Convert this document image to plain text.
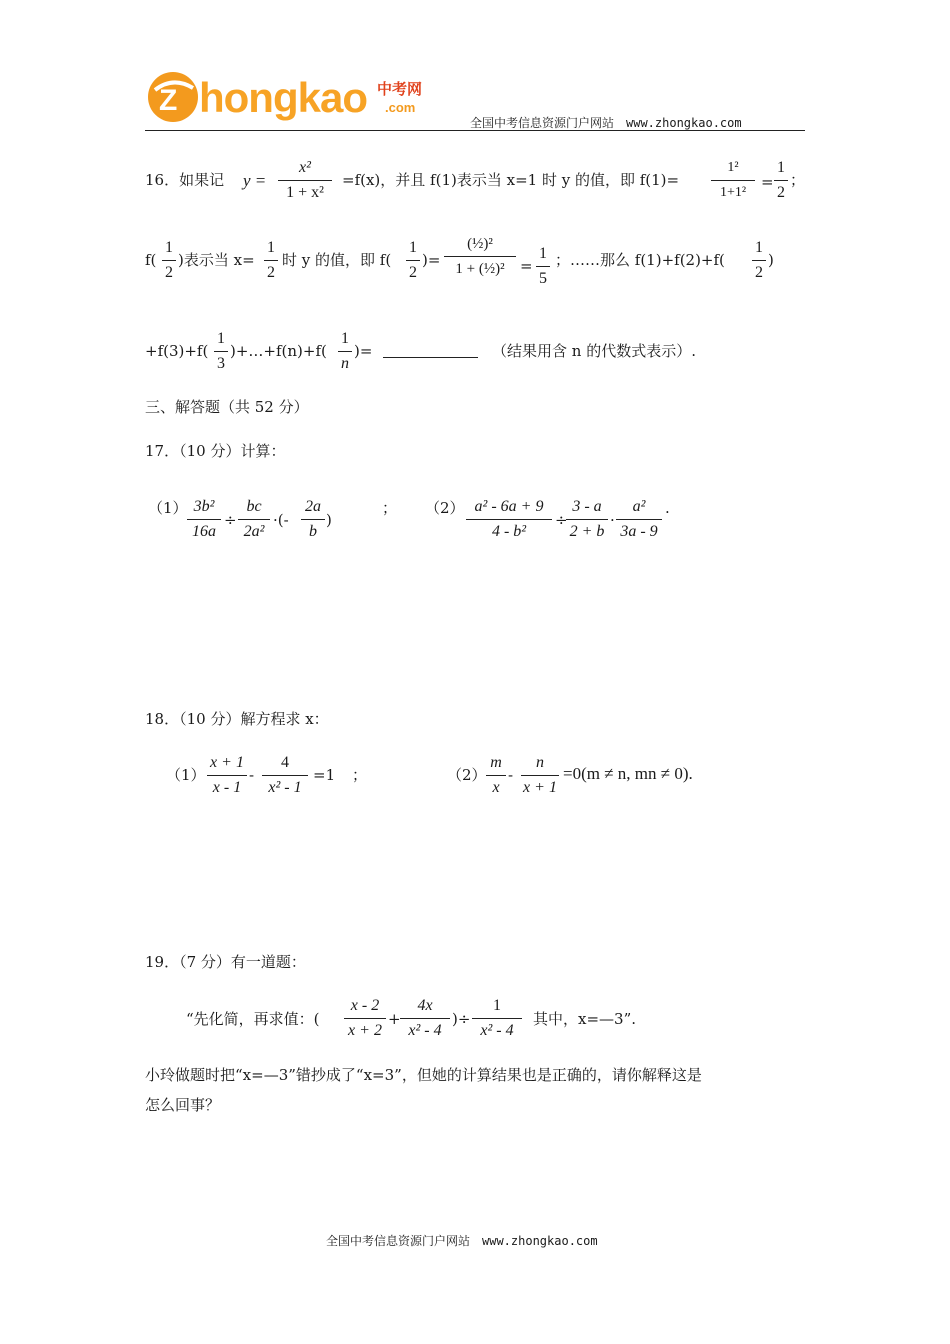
Z hongkao 中考网
.com
全国中考信息资源门户网站　www.zhongkao.com
16．如果记 y =
x²
1 + x²
=f(x)，并且 f(1)表示当 x=1 时 y 的值，即 f(1)=
1²
1+1²
=
1
2
；
f(
1
2
)表示当 x=
1
2
时 y 的值，即 f(
1
2
)=
(½)²
1 + (½)²	=
1
5
；……那么 f(1)+f(2)+f(
1
2
)
+f(3)+f(
1
3
)+…+f(n)+f(
1
n
)=	（结果用含 n 的代数式表示）.
三、解答题（共 52 分）
17．（10 分）计算：
（1） 3b²
16a
÷
bc
2a²
·(-
2a
b
)
； （2） a² - 6a + 9
4 - b²
÷
3 - a
2 + b
·
a²
3a - 9
.
18．（10 分）解方程求 x：
（1）
x + 1
x - 1
-
4
x² - 1
=1 ；	（2）
m
x
-
n
x + 1
=0(m ≠ n, mn ≠ 0).
19．（7 分）有一道题：
“先化简，再求值：(
x - 2
x + 2
+
4x
x² - 4
)÷
1
x² - 4
其中，x=—3”.
小玲做题时把“x=—3”错抄成了“x=3”，但她的计算结果也是正确的，请你解释这是
怎么回事？
全国中考信息资源门户网站　www.zhongkao.com
